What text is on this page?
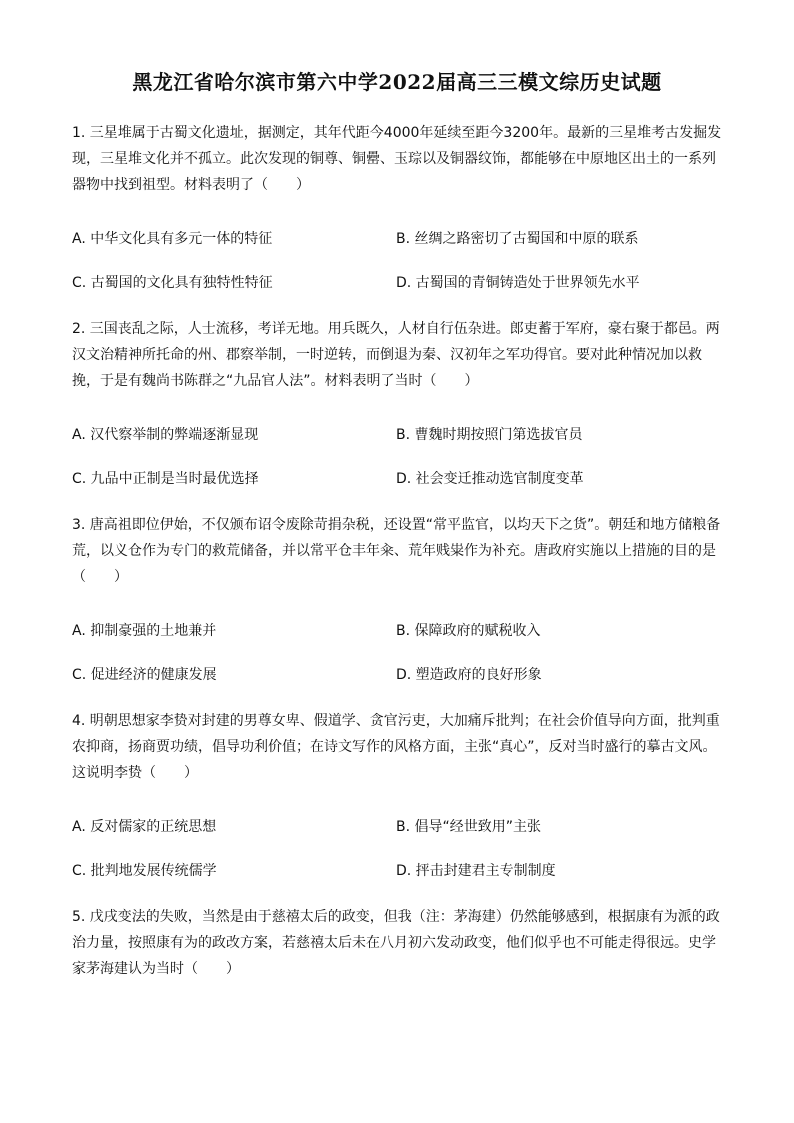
黑龙江省哈尔滨市第六中学2022届高三三模文综历史试题
1. 三星堆属于古蜀文化遗址，据测定，其年代距今4000年延续至距今3200年。最新的三星堆考古发掘发现，三星堆文化并不孤立。此次发现的铜尊、铜罍、玉琮以及铜器纹饰，都能够在中原地区出土的一系列器物中找到祖型。材料表明了（　　）
A. 中华文化具有多元一体的特征	B. 丝绸之路密切了古蜀国和中原的联系
C. 古蜀国的文化具有独特性特征	D. 古蜀国的青铜铸造处于世界领先水平
2. 三国丧乱之际，人士流移，考详无地。用兵既久，人材自行伍杂进。郎吏蓄于军府，豪右聚于都邑。两汉文治精神所托命的州、郡察举制，一时逆转，而倒退为秦、汉初年之军功得官。要对此种情况加以救挽，于是有魏尚书陈群之“九品官人法”。材料表明了当时（　　）
A. 汉代察举制的弊端逐渐显现	B. 曹魏时期按照门第选拔官员
C. 九品中正制是当时最优选择	D. 社会变迁推动选官制度变革
3. 唐高祖即位伊始，不仅颁布诏令废除苛捐杂税，还设置“常平监官，以均天下之货”。朝廷和地方储粮备荒，以义仓作为专门的救荒储备，并以常平仓丰年籴、荒年贱粜作为补充。唐政府实施以上措施的目的是（　　）
A. 抑制豪强的土地兼并	B. 保障政府的赋税收入
C. 促进经济的健康发展	D. 塑造政府的良好形象
4. 明朝思想家李贽对封建的男尊女卑、假道学、贪官污吏，大加痛斥批判；在社会价值导向方面，批判重农抑商，扬商贾功绩，倡导功利价值；在诗文写作的风格方面，主张“真心”，反对当时盛行的摹古文风。这说明李贽（　　）
A. 反对儒家的正统思想	B. 倡导“经世致用”主张
C. 批判地发展传统儒学	D. 抨击封建君主专制制度
5. 戊戌变法的失败，当然是由于慈禧太后的政变，但我（注：茅海建）仍然能够感到，根据康有为派的政治力量，按照康有为的政改方案，若慈禧太后未在八月初六发动政变，他们似乎也不可能走得很远。史学家茅海建认为当时（　　）
